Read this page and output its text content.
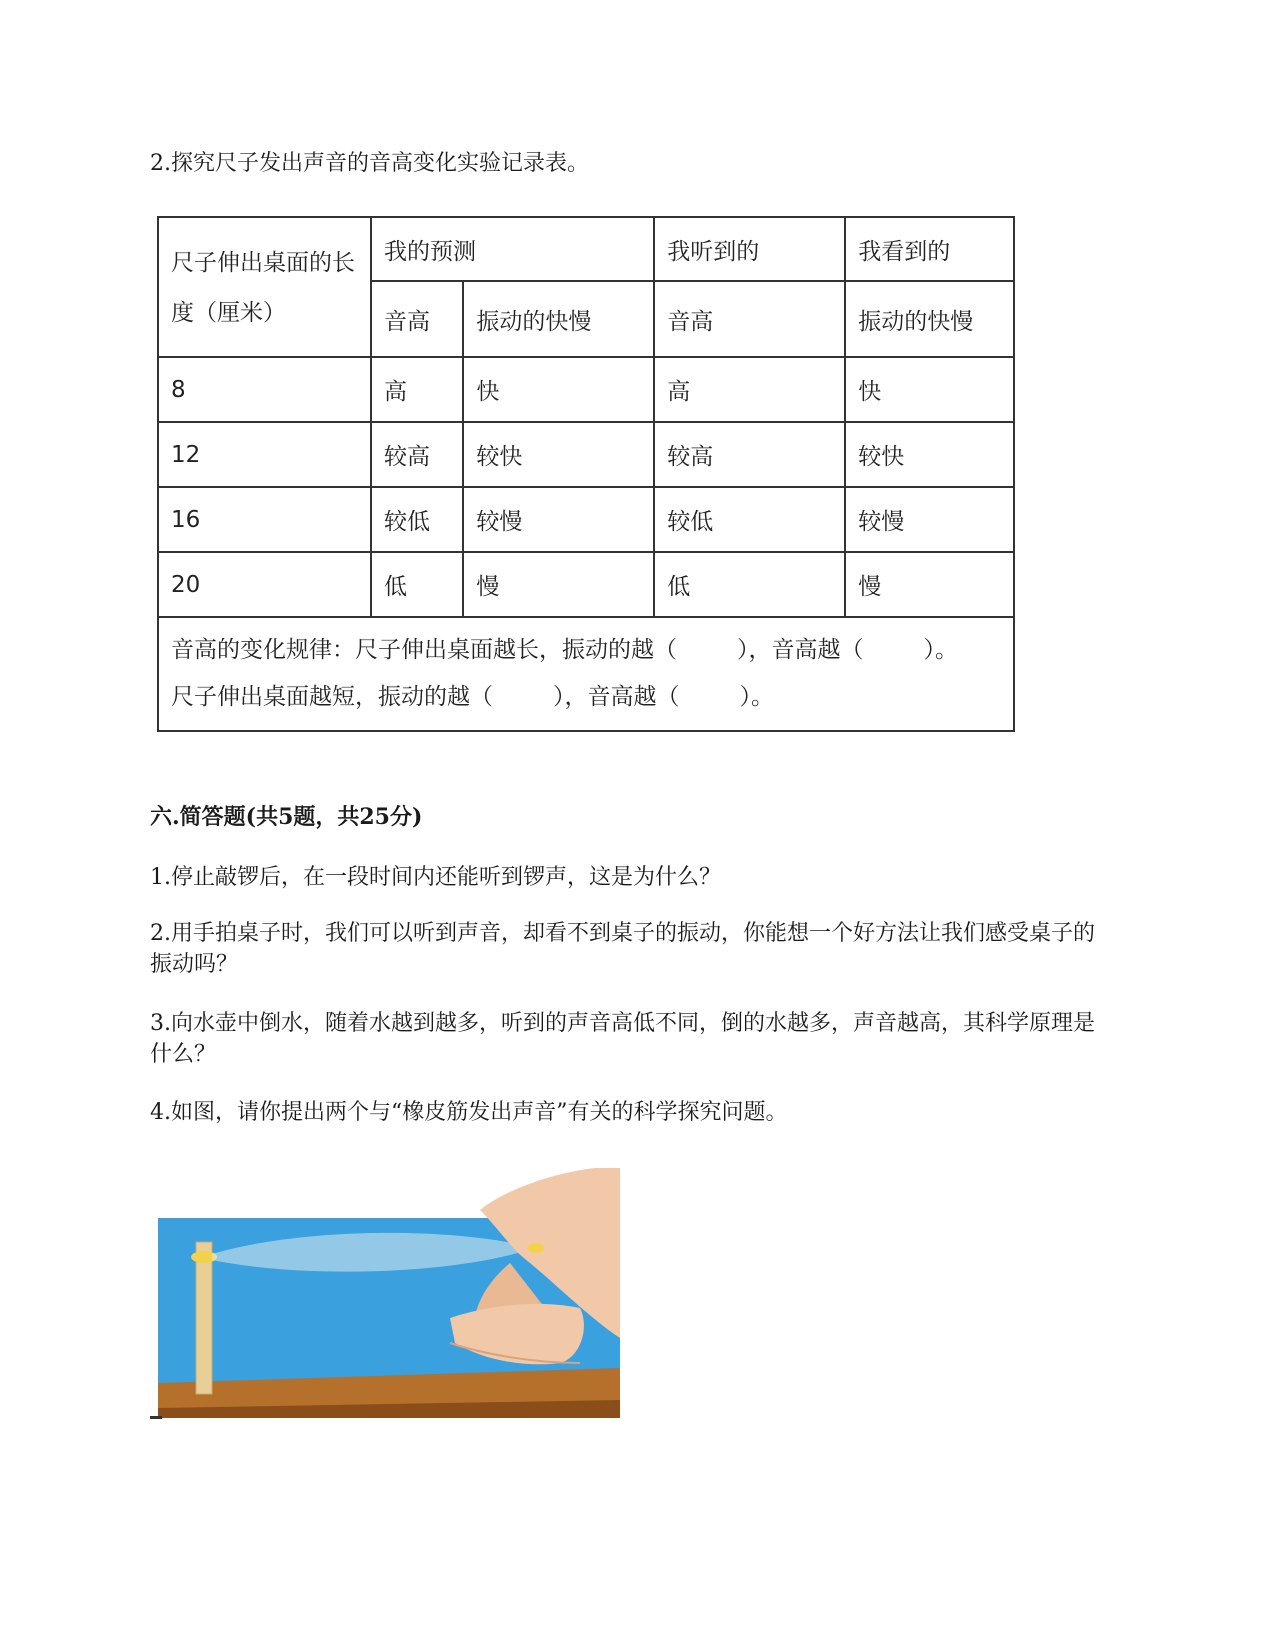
2.探究尺子发出声音的音高变化实验记录表。
尺子伸出桌面的长度（厘米）	我的预测		我听到的	我看到的
	音高	振动的快慢	音高	振动的快慢
8	高	快	高	快
12	较高	较快	较高	较快
16	较低	较慢	较低	较慢
20	低	慢	低	慢

音高的变化规律：尺子伸出桌面越长，振动的越（ ），音高越（ ）。
尺子伸出桌面越短，振动的越（ ），音高越（ ）。				
六.简答题(共5题，共25分)
1.停止敲锣后，在一段时间内还能听到锣声，这是为什么？
2.用手拍桌子时，我们可以听到声音，却看不到桌子的振动，你能想一个好方法让我们感受桌子的振动吗？
3.向水壶中倒水，随着水越到越多，听到的声音高低不同，倒的水越多，声音越高，其科学原理是什么？
4.如图，请你提出两个与“橡皮筋发出声音”有关的科学探究问题。
